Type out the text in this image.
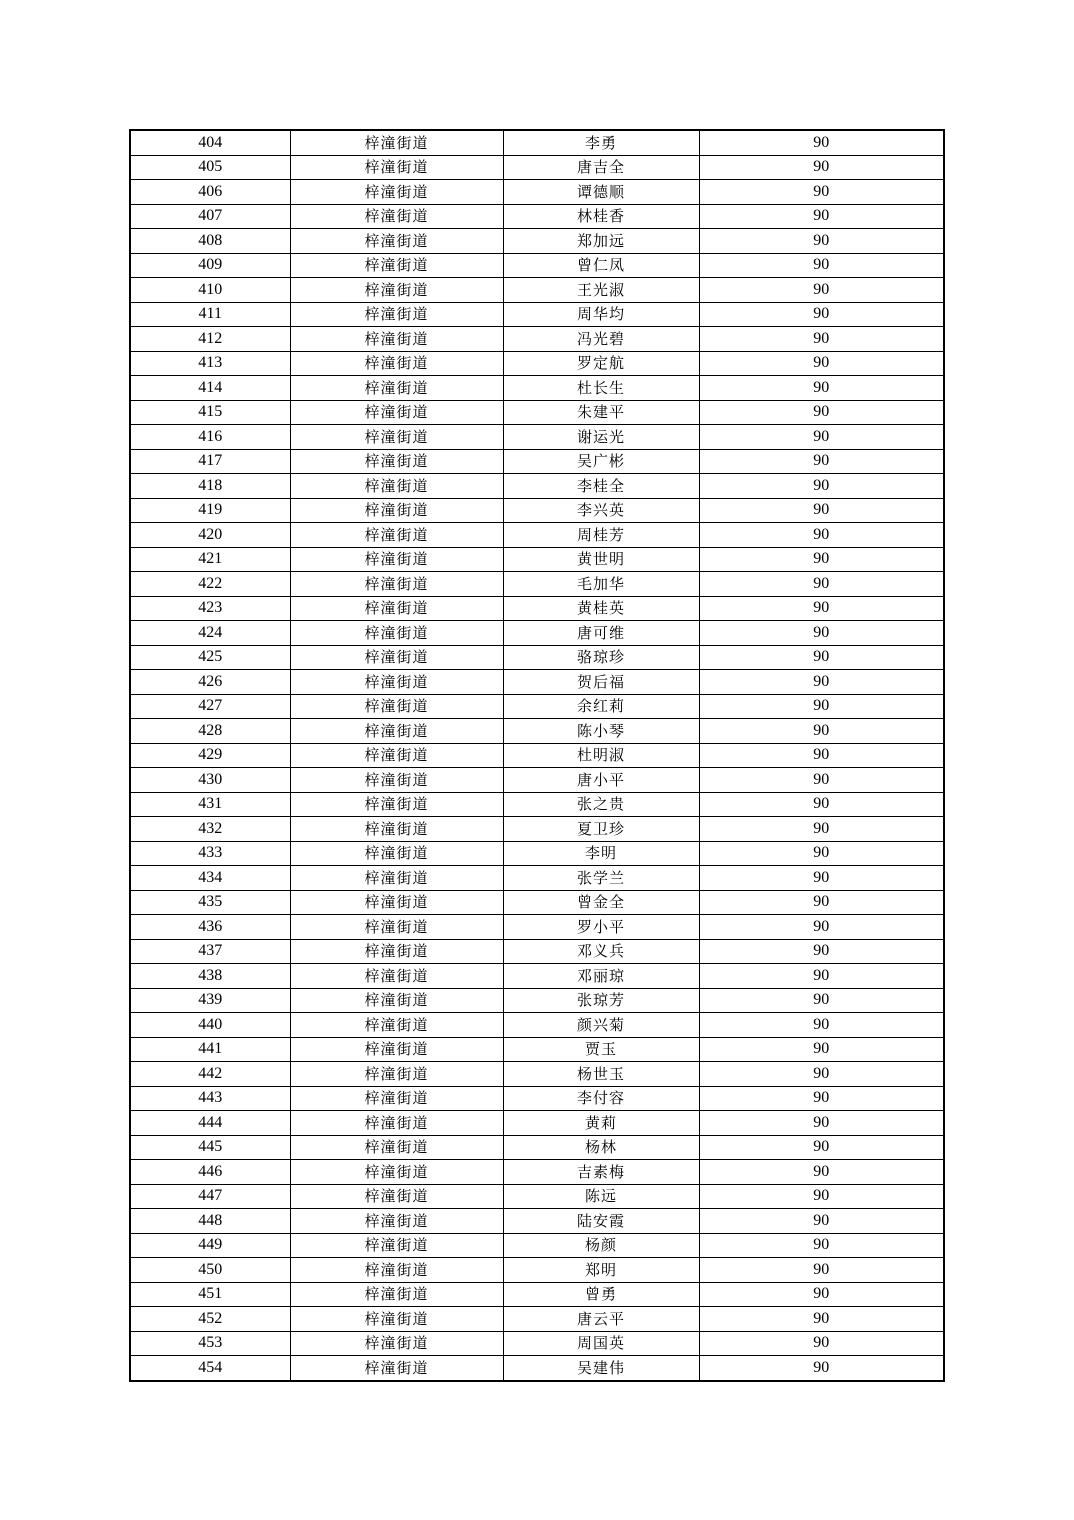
404	梓潼街道	李勇	90
405	梓潼街道	唐吉全	90
406	梓潼街道	谭德顺	90
407	梓潼街道	林桂香	90
408	梓潼街道	郑加远	90
409	梓潼街道	曾仁凤	90
410	梓潼街道	王光淑	90
411	梓潼街道	周华均	90
412	梓潼街道	冯光碧	90
413	梓潼街道	罗定航	90
414	梓潼街道	杜长生	90
415	梓潼街道	朱建平	90
416	梓潼街道	谢运光	90
417	梓潼街道	吴广彬	90
418	梓潼街道	李桂全	90
419	梓潼街道	李兴英	90
420	梓潼街道	周桂芳	90
421	梓潼街道	黄世明	90
422	梓潼街道	毛加华	90
423	梓潼街道	黄桂英	90
424	梓潼街道	唐可维	90
425	梓潼街道	骆琼珍	90
426	梓潼街道	贺后福	90
427	梓潼街道	余红莉	90
428	梓潼街道	陈小琴	90
429	梓潼街道	杜明淑	90
430	梓潼街道	唐小平	90
431	梓潼街道	张之贵	90
432	梓潼街道	夏卫珍	90
433	梓潼街道	李明	90
434	梓潼街道	张学兰	90
435	梓潼街道	曾金全	90
436	梓潼街道	罗小平	90
437	梓潼街道	邓义兵	90
438	梓潼街道	邓丽琼	90
439	梓潼街道	张琼芳	90
440	梓潼街道	颜兴菊	90
441	梓潼街道	贾玉	90
442	梓潼街道	杨世玉	90
443	梓潼街道	李付容	90
444	梓潼街道	黄莉	90
445	梓潼街道	杨林	90
446	梓潼街道	吉素梅	90
447	梓潼街道	陈远	90
448	梓潼街道	陆安霞	90
449	梓潼街道	杨颜	90
450	梓潼街道	郑明	90
451	梓潼街道	曾勇	90
452	梓潼街道	唐云平	90
453	梓潼街道	周国英	90
454	梓潼街道	吴建伟	90
